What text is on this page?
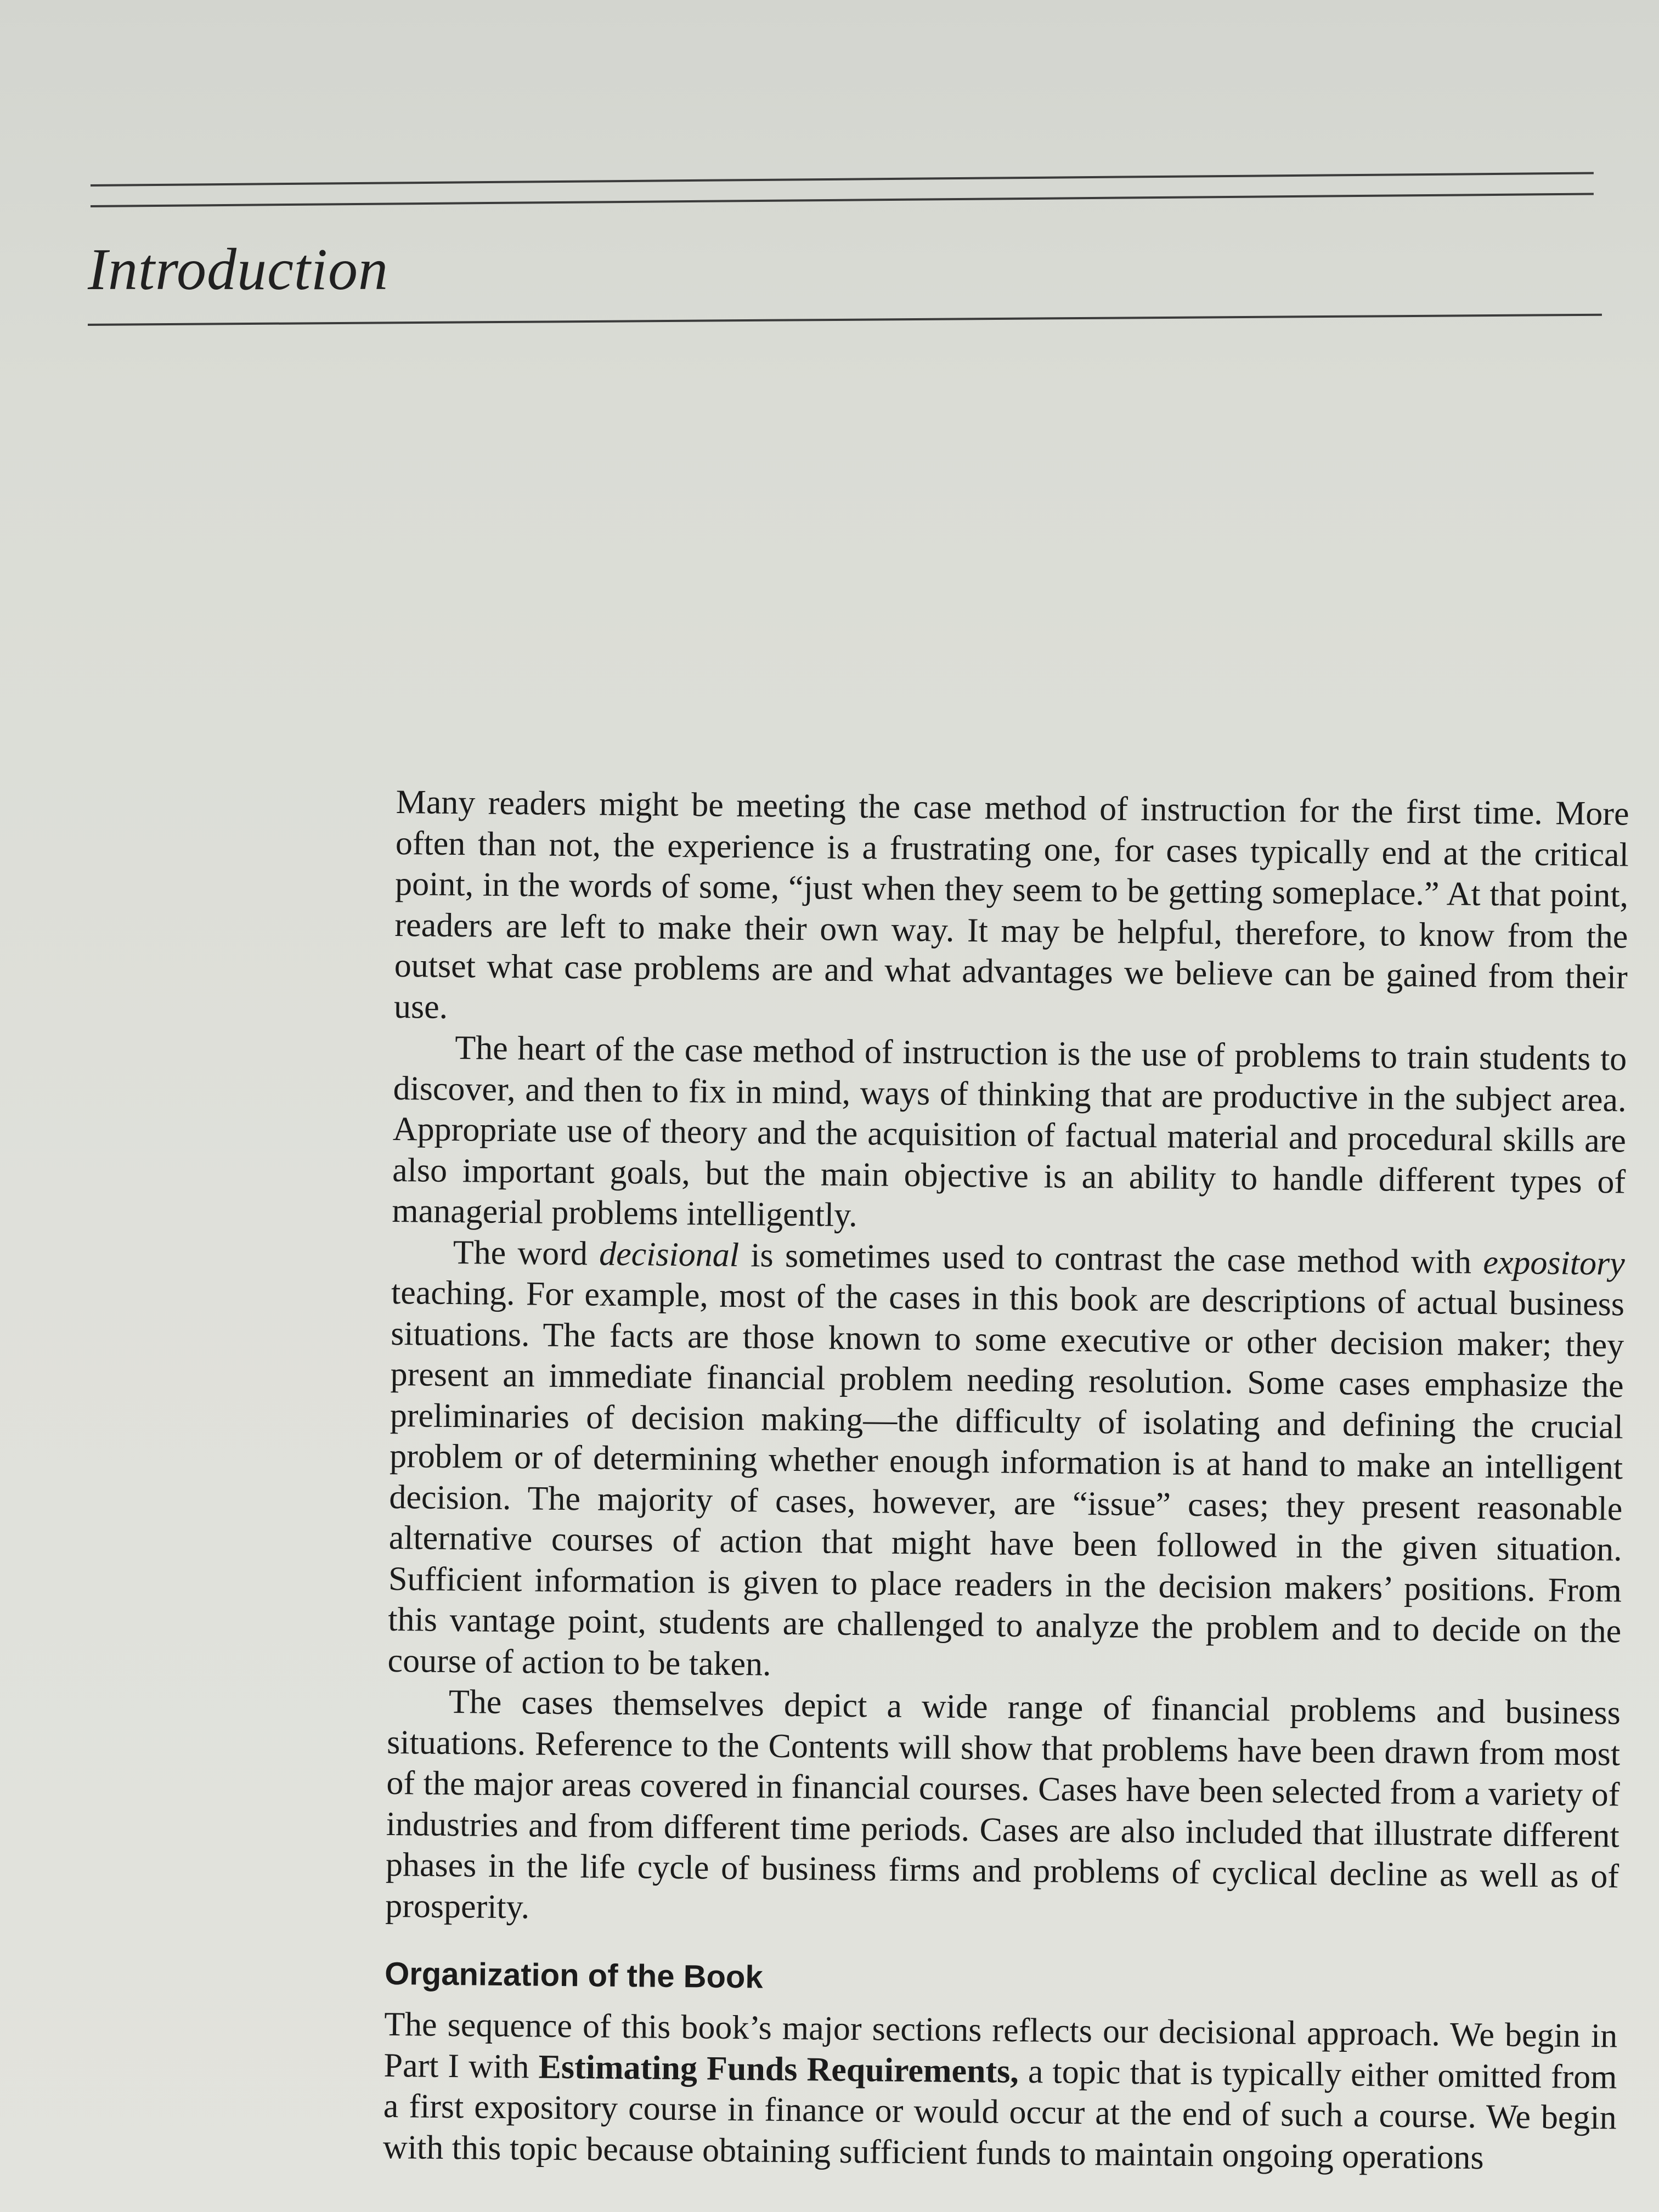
Introduction

Many readers might be meeting the case method of instruction for the first time. More often than not, the experience is a frustrating one, for cases typically end at the critical point, in the words of some, “just when they seem to be getting someplace.” At that point, readers are left to make their own way. It may be helpful, therefore, to know from the outset what case problems are and what advantages we believe can be gained from their use.

The heart of the case method of instruction is the use of problems to train students to discover, and then to fix in mind, ways of thinking that are productive in the subject area. Appropriate use of theory and the acquisition of factual material and procedural skills are also important goals, but the main objective is an ability to handle different types of managerial problems intelligently.

The word decisional is sometimes used to contrast the case method with expository teaching. For example, most of the cases in this book are descriptions of actual business situations. The facts are those known to some executive or other decision maker; they present an immediate financial problem needing resolution. Some cases emphasize the preliminaries of decision making—the difficulty of isolating and defining the crucial problem or of determining whether enough information is at hand to make an intelligent decision. The majority of cases, however, are “issue” cases; they present reasonable alternative courses of action that might have been followed in the given situation. Sufficient information is given to place readers in the decision makers’ positions. From this vantage point, students are challenged to analyze the problem and to decide on the course of action to be taken.

The cases themselves depict a wide range of financial problems and business situations. Reference to the Contents will show that problems have been drawn from most of the major areas covered in financial courses. Cases have been selected from a variety of industries and from different time periods. Cases are also included that illustrate different phases in the life cycle of business firms and problems of cyclical decline as well as of prosperity.

Organization of the Book

The sequence of this book’s major sections reflects our decisional approach. We begin in Part I with Estimating Funds Requirements, a topic that is typically either omitted from a first expository course in finance or would occur at the end of such a course. We begin with this topic because obtaining sufficient funds to maintain ongoing operations
